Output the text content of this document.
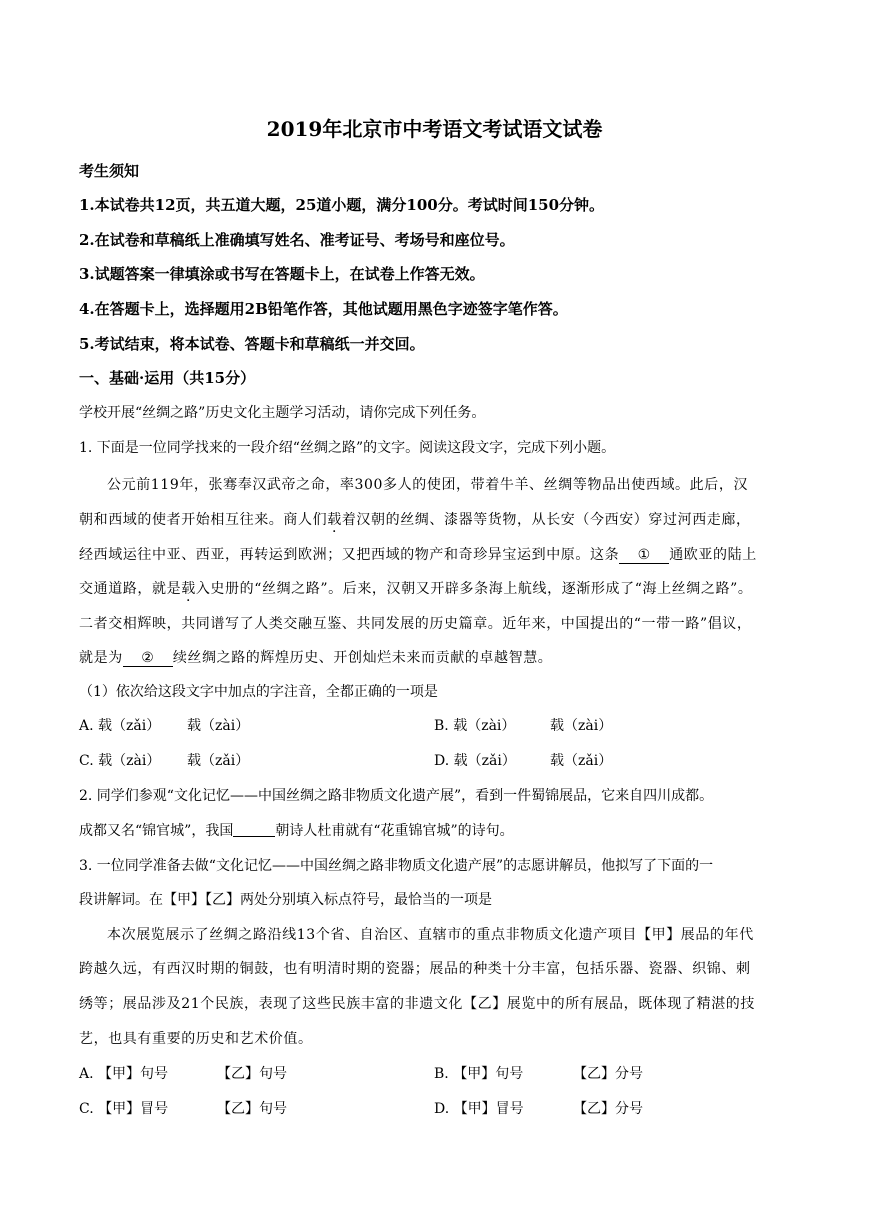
2019年北京市中考语文考试语文试卷
考生须知
1.本试卷共12页，共五道大题，25道小题，满分100分。考试时间150分钟。
2.在试卷和草稿纸上准确填写姓名、准考证号、考场号和座位号。
3.试题答案一律填涂或书写在答题卡上，在试卷上作答无效。
4.在答题卡上，选择题用2B铅笔作答，其他试题用黑色字迹签字笔作答。
5.考试结束，将本试卷、答题卡和草稿纸一并交回。
一、基础·运用（共15分）
学校开展“丝绸之路”历史文化主题学习活动，请你完成下列任务。
1. 下面是一位同学找来的一段介绍“丝绸之路”的文字。阅读这段文字，完成下列小题。
公元前119年，张骞奉汉武帝之命，率300多人的使团，带着牛羊、丝绸等物品出使西域。此后，汉
朝和西域的使者开始相互往来。商人们载着汉朝的丝绸、漆器等货物，从长安（今西安）穿过河西走廊，
经西域运往中亚、西亚，再转运到欧洲；又把西域的物产和奇珍异宝运到中原。这条 ① 通欧亚的陆上
交通道路，就是载入史册的“丝绸之路”。后来，汉朝又开辟多条海上航线，逐渐形成了“海上丝绸之路”。
二者交相辉映，共同谱写了人类交融互鉴、共同发展的历史篇章。近年来，中国提出的“一带一路”倡议，
就是为 ② 续丝绸之路的辉煌历史、开创灿烂未来而贡献的卓越智慧。
（1）依次给这段文字中加点的字注音，全都正确的一项是
A. 载（zǎi） 载（zài）	B. 载（zài） 载（zài）
C. 载（zài） 载（zǎi）	D. 载（zǎi） 载（zǎi）
2. 同学们参观“文化记忆——中国丝绸之路非物质文化遗产展”，看到一件蜀锦展品，它来自四川成都。
成都又名“锦官城”，我国	朝诗人杜甫就有“花重锦官城”的诗句。
3. 一位同学准备去做“文化记忆——中国丝绸之路非物质文化遗产展”的志愿讲解员，他拟写了下面的一
段讲解词。在【甲】【乙】两处分别填入标点符号，最恰当的一项是
本次展览展示了丝绸之路沿线13个省、自治区、直辖市的重点非物质文化遗产项目【甲】展品的年代
跨越久远，有西汉时期的铜鼓，也有明清时期的瓷器；展品的种类十分丰富，包括乐器、瓷器、织锦、刺
绣等；展品涉及21个民族，表现了这些民族丰富的非遗文化【乙】展览中的所有展品，既体现了精湛的技
艺，也具有重要的历史和艺术价值。
A. 【甲】句号	【乙】句号	B. 【甲】句号	【乙】分号
C. 【甲】冒号	【乙】句号	D. 【甲】冒号	【乙】分号
